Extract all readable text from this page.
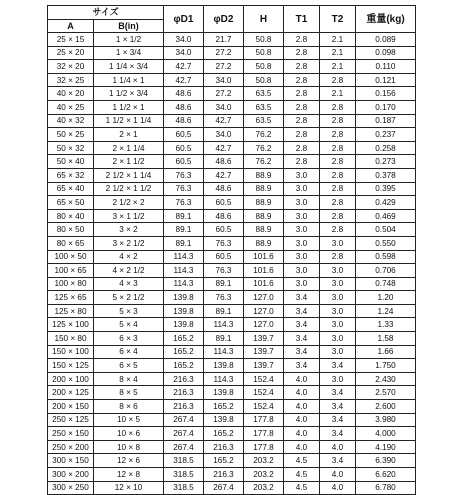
サイズ		φD1	φD2	H	T1	T2	重量(kg)
A	B(in)						
25 × 15	1 × 1/2	34.0	21.7	50.8	2.8	2.1	0.089
25 × 20	1 × 3/4	34.0	27.2	50.8	2.8	2.1	0.098
32 × 20	1 1/4 × 3/4	42.7	27.2	50.8	2.8	2.1	0.110
32 × 25	1 1/4 × 1	42.7	34.0	50.8	2.8	2.8	0.121
40 × 20	1 1/2 × 3/4	48.6	27.2	63.5	2.8	2.1	0.156
40 × 25	1 1/2 × 1	48.6	34.0	63.5	2.8	2.8	0.170
40 × 32	1 1/2 × 1 1/4	48.6	42.7	63.5	2.8	2.8	0.187
50 × 25	2 × 1	60.5	34.0	76.2	2.8	2.8	0.237
50 × 32	2 × 1 1/4	60.5	42.7	76.2	2.8	2.8	0.258
50 × 40	2 × 1 1/2	60.5	48.6	76.2	2.8	2.8	0.273
65 × 32	2 1/2 × 1 1/4	76.3	42.7	88.9	3.0	2.8	0.378
65 × 40	2 1/2 × 1 1/2	76.3	48.6	88.9	3.0	2.8	0.395
65 × 50	2 1/2 × 2	76.3	60.5	88.9	3.0	2.8	0.429
80 × 40	3 × 1 1/2	89.1	48.6	88.9	3.0	2.8	0.469
80 × 50	3 × 2	89.1	60.5	88.9	3.0	2.8	0.504
80 × 65	3 × 2 1/2	89.1	76.3	88.9	3.0	3.0	0.550
100 × 50	4 × 2	114.3	60.5	101.6	3.0	2.8	0.598
100 × 65	4 × 2 1/2	114.3	76.3	101.6	3.0	3.0	0.706
100 × 80	4 × 3	114.3	89.1	101.6	3.0	3.0	0.748
125 × 65	5 × 2 1/2	139.8	76.3	127.0	3.4	3.0	1.20
125 × 80	5 × 3	139.8	89.1	127.0	3.4	3.0	1.24
125 × 100	5 × 4	139.8	114.3	127.0	3.4	3.0	1.33
150 × 80	6 × 3	165.2	89.1	139.7	3.4	3.0	1.58
150 × 100	6 × 4	165.2	114.3	139.7	3.4	3.0	1.66
150 × 125	6 × 5	165.2	139.8	139.7	3.4	3.4	1.750
200 × 100	8 × 4	216.3	114.3	152.4	4.0	3.0	2.430
200 × 125	8 × 5	216.3	139.8	152.4	4.0	3.4	2.570
200 × 150	8 × 6	216.3	165.2	152.4	4.0	3.4	2.600
250 × 125	10 × 5	267.4	139.8	177.8	4.0	3.4	3.980
250 × 150	10 × 6	267.4	165.2	177.8	4.0	3.4	4.000
250 × 200	10 × 8	267.4	216.3	177.8	4.0	4.0	4.190
300 × 150	12 × 6	318.5	165.2	203.2	4.5	3.4	6.390
300 × 200	12 × 8	318.5	216.3	203.2	4.5	4.0	6.620
300 × 250	12 × 10	318.5	267.4	203.2	4.5	4.0	6.780
